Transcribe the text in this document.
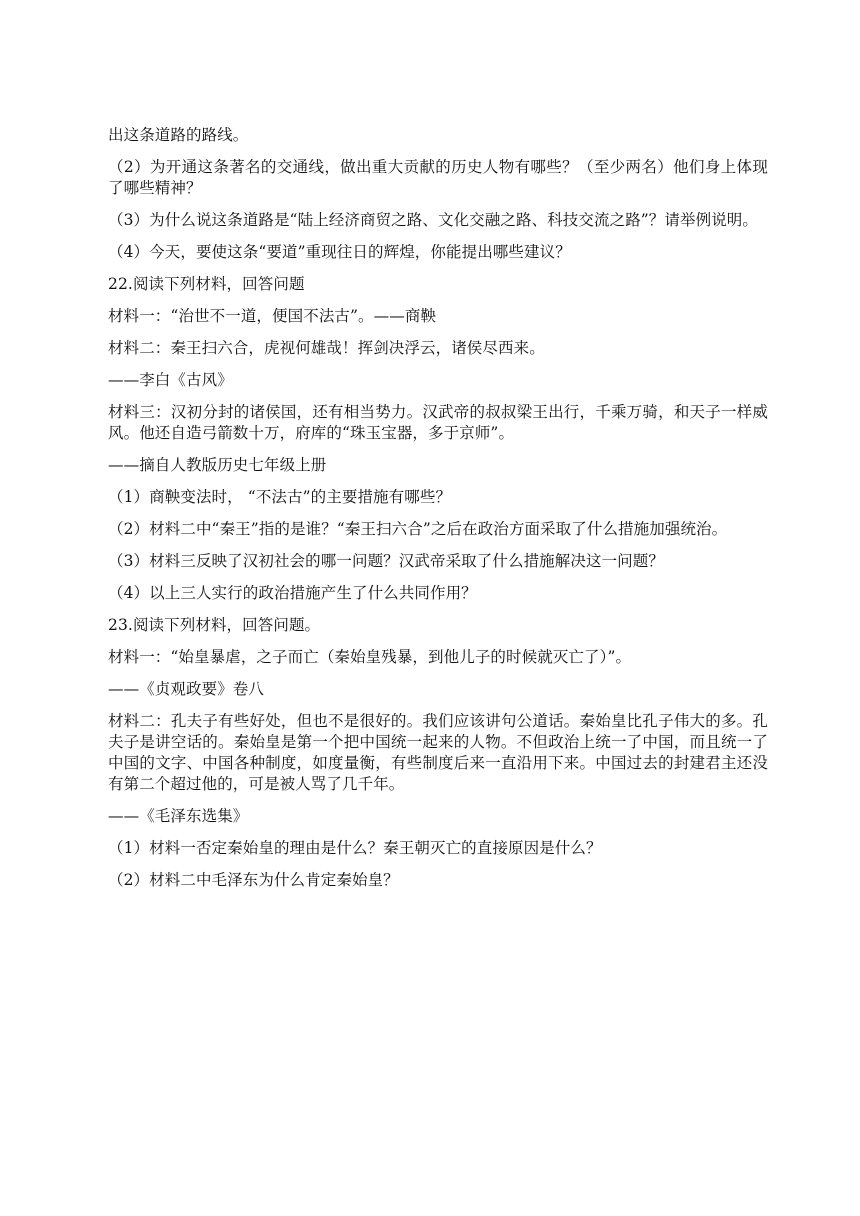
出这条道路的路线。

（2）为开通这条著名的交通线，做出重大贡献的历史人物有哪些？（至少两名）他们身上体现了哪些精神？

（3）为什么说这条道路是“陆上经济商贸之路、文化交融之路、科技交流之路”？请举例说明。

（4）今天，要使这条“要道”重现往日的辉煌，你能提出哪些建议？

22.阅读下列材料，回答问题

材料一：“治世不一道，便国不法古”。——商鞅

材料二：秦王扫六合，虎视何雄哉！挥剑决浮云，诸侯尽西来。

——李白《古风》

材料三：汉初分封的诸侯国，还有相当势力。汉武帝的叔叔梁王出行，千乘万骑，和天子一样威风。他还自造弓箭数十万，府库的“珠玉宝器，多于京师”。

——摘自人教版历史七年级上册

（1）商鞅变法时， “不法古”的主要措施有哪些？

（2）材料二中“秦王”指的是谁？“秦王扫六合”之后在政治方面采取了什么措施加强统治。

（3）材料三反映了汉初社会的哪一问题？汉武帝采取了什么措施解决这一问题？

（4）以上三人实行的政治措施产生了什么共同作用？

23.阅读下列材料，回答问题。

材料一：“始皇暴虐，之子而亡（秦始皇残暴，到他儿子的时候就灭亡了）”。

——《贞观政要》卷八

材料二：孔夫子有些好处，但也不是很好的。我们应该讲句公道话。秦始皇比孔子伟大的多。孔夫子是讲空话的。秦始皇是第一个把中国统一起来的人物。不但政治上统一了中国，而且统一了中国的文字、中国各种制度，如度量衡，有些制度后来一直沿用下来。中国过去的封建君主还没有第二个超过他的，可是被人骂了几千年。

——《毛泽东选集》

（1）材料一否定秦始皇的理由是什么？秦王朝灭亡的直接原因是什么？

（2）材料二中毛泽东为什么肯定秦始皇？
